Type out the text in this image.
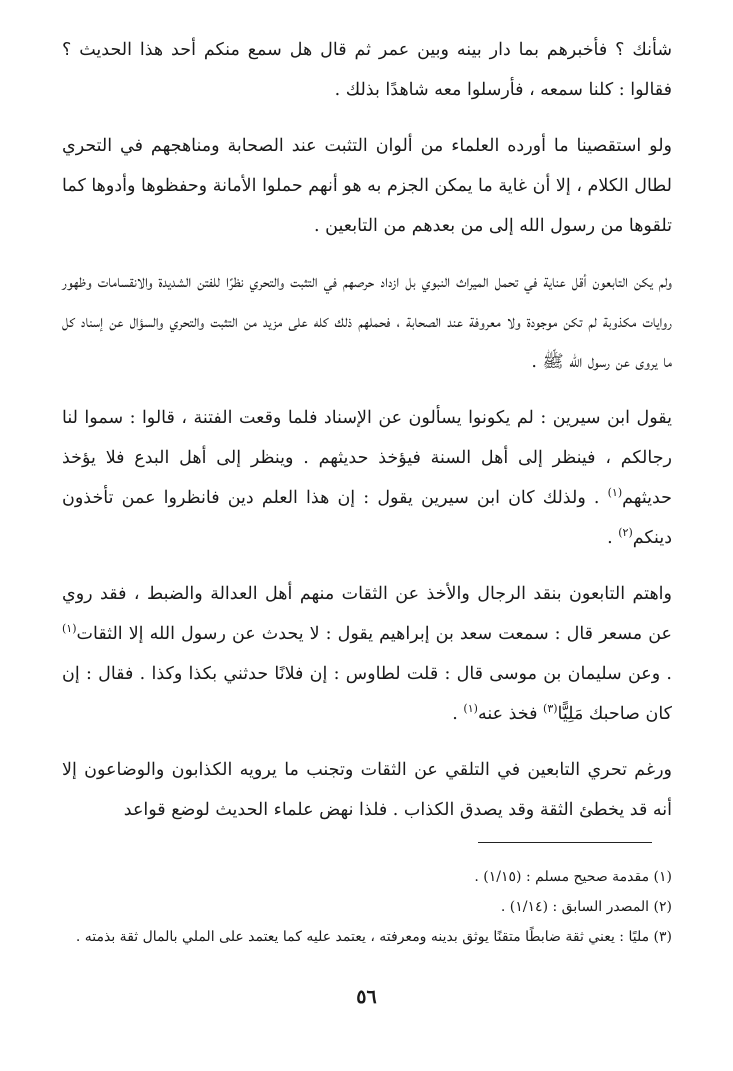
شأنك ؟ فأخبرهم بما دار بينه وبين عمر ثم قال هل سمع منكم أحد هذا الحديث ؟ فقالوا : كلنا سمعه ، فأرسلوا معه شاهدًا بذلك .

ولو استقصينا ما أورده العلماء من ألوان التثبت عند الصحابة ومناهجهم في التحري لطال الكلام ، إلا أن غاية ما يمكن الجزم به هو أنهم حملوا الأمانة وحفظوها وأدوها كما تلقوها من رسول الله إلى من بعدهم من التابعين .

ولم يكن التابعون أقل عناية في تحمل الميراث النبوي بل ازداد حرصهم في التثبت والتحري نظرًا للفتن الشديدة والانقسامات وظهور روايات مكذوبة لم تكن موجودة ولا معروفة عند الصحابة ، فحملهم ذلك كله على مزيد من التثبت والتحري والسؤال عن إسناد كل ما يروى عن رسول الله ﷺ .

يقول ابن سيرين : لم يكونوا يسألون عن الإسناد فلما وقعت الفتنة ، قالوا : سموا لنا رجالكم ، فينظر إلى أهل السنة فيؤخذ حديثهم . وينظر إلى أهل البدع فلا يؤخذ حديثهم$^{(١)}$ . ولذلك كان ابن سيرين يقول : إن هذا العلم دين فانظروا عمن تأخذون دينكم$^{(٢)}$ .

واهتم التابعون بنقد الرجال والأخذ عن الثقات منهم أهل العدالة والضبط ، فقد روي عن مسعر قال : سمعت سعد بن إبراهيم يقول : لا يحدث عن رسول الله إلا الثقات$^{(١)}$ . وعن سليمان بن موسى قال : قلت لطاوس : إن فلانًا حدثني بكذا وكذا . فقال : إن كان صاحبك مَلِيًّا$^{(٣)}$ فخذ عنه$^{(١)}$ .

ورغم تحري التابعين في التلقي عن الثقات وتجنب ما يرويه الكذابون والوضاعون إلا أنه قد يخطئ الثقة وقد يصدق الكذاب . فلذا نهض علماء الحديث لوضع قواعد

(١) مقدمة صحيح مسلم : (١/١٥) .
(٢) المصدر السابق : (١/١٤) .
(٣) مليًا : يعني ثقة ضابطًا متقنًا يوثق بدينه ومعرفته ، يعتمد عليه كما يعتمد على الملي بالمال ثقة بذمته .
٥٦
